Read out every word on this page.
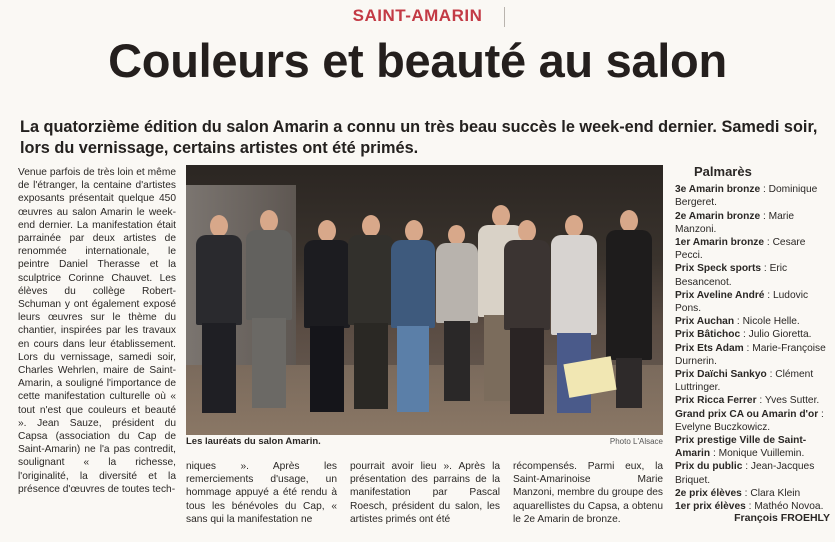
SAINT-AMARIN
Couleurs et beauté au salon

La quatorzième édition du salon Amarin a connu un très beau succès le week-end dernier. Samedi soir, lors du vernissage, certains artistes ont été primés.

Venue parfois de très loin et même de l'étranger, la centaine d'artistes exposants présentait quelque 450 œuvres au salon Amarin le week-end dernier. La manifestation était parrainée par deux artistes de renommée internationale, le peintre Daniel Therasse et la sculptrice Corinne Chauvet. Les élèves du collège Robert-Schuman y ont également exposé leurs œuvres sur le thème du chantier, inspirées par les travaux en cours dans leur établissement. Lors du vernissage, samedi soir, Charles Wehrlen, maire de Saint-Amarin, a souligné l'importance de cette manifestation culturelle où « tout n'est que couleurs et beauté ». Jean Sauze, président du Capsa (association du Cap de Saint-Amarin) ne l'a pas contredit, soulignant « la richesse, l'originalité, la diversité et la présence d'œuvres de toutes tech-

Les lauréats du salon Amarin.	Photo L'Alsace

niques ». Après les remerciements d'usage, un hommage appuyé a été rendu à tous les bénévoles du Cap, « sans qui la manifestation ne

pourrait avoir lieu ». Après la présentation des parrains de la manifestation par Pascal Roesch, président du salon, les artistes primés ont été

récompensés. Parmi eux, la Saint-Amarinoise Marie Manzoni, membre du groupe des aquarellistes du Capsa, a obtenu le 2e Amarin de bronze.

Palmarès

3e Amarin bronze : Dominique Bergeret.

2e Amarin bronze : Marie Manzoni.

1er Amarin bronze : Cesare Pecci.

Prix Speck sports : Eric Besancenot.

Prix Aveline André : Ludovic Pons.

Prix Auchan : Nicole Helle.

Prix Bâtichoc : Julio Gioretta.

Prix Ets Adam : Marie-Françoise Durnerin.

Prix Daïchi Sankyo : Clément Luttringer.

Prix Ricca Ferrer : Yves Sutter.

Grand prix CA ou Amarin d'or : Evelyne Buczkowicz.

Prix prestige Ville de Saint-Amarin : Monique Vuillemin.

Prix du public : Jean-Jacques Briquet.

2e prix élèves : Clara Klein

1er prix élèves : Mathéo Novoa.

François FROEHLY
